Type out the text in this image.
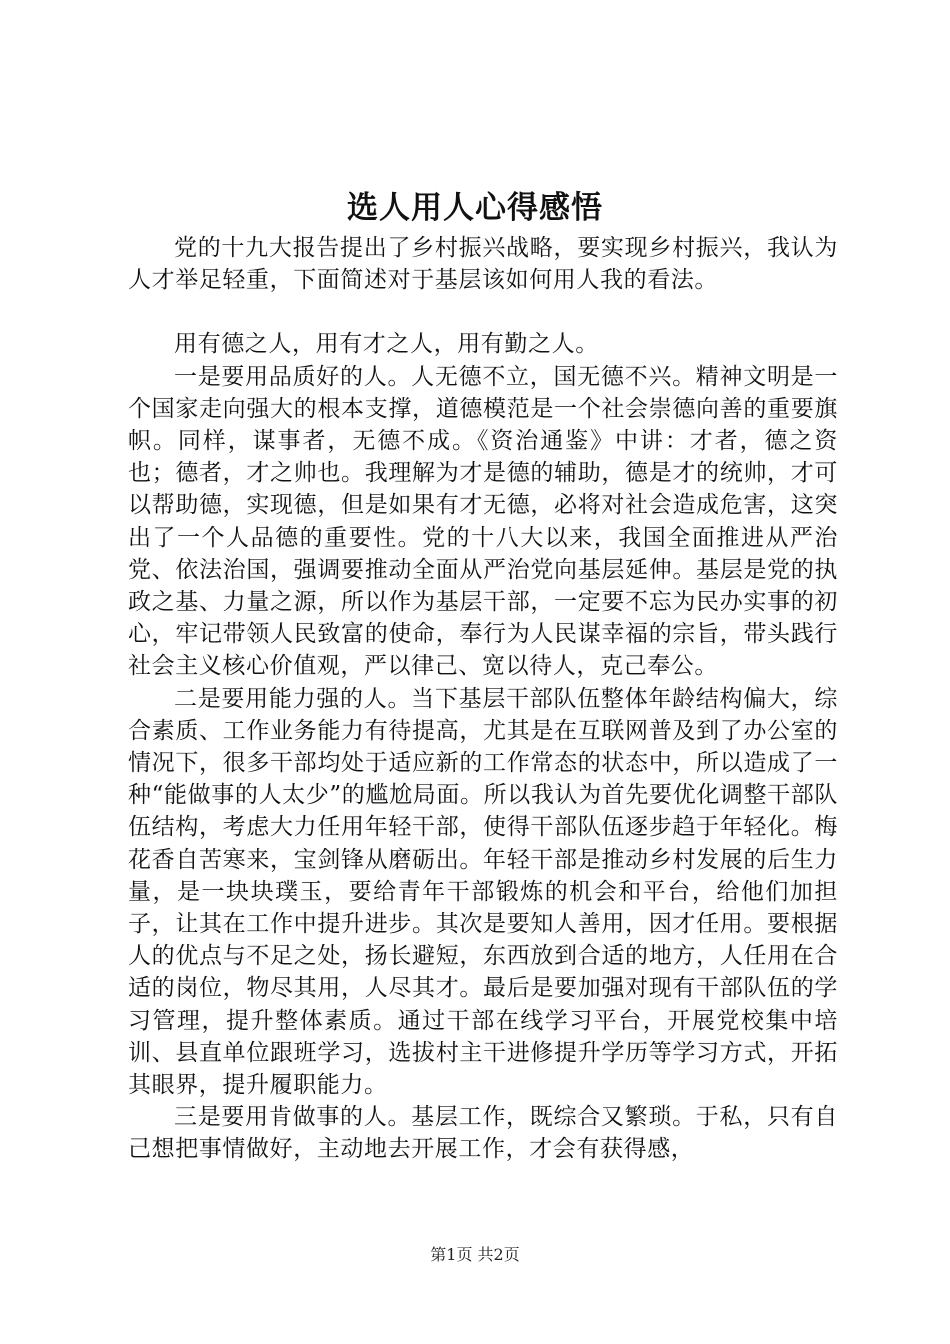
选人用人心得感悟

党的十九大报告提出了乡村振兴战略，要实现乡村振兴，我认为人才举足轻重，下面简述对于基层该如何用人我的看法。

用有德之人，用有才之人，用有勤之人。

一是要用品质好的人。人无德不立，国无德不兴。精神文明是一个国家走向强大的根本支撑，道德模范是一个社会崇德向善的重要旗帜。同样，谋事者，无德不成。《资治通鉴》中讲：才者，德之资也；德者，才之帅也。我理解为才是德的辅助，德是才的统帅，才可以帮助德，实现德，但是如果有才无德，必将对社会造成危害，这突出了一个人品德的重要性。党的十八大以来，我国全面推进从严治党、依法治国，强调要推动全面从严治党向基层延伸。基层是党的执政之基、力量之源，所以作为基层干部，一定要不忘为民办实事的初心，牢记带领人民致富的使命，奉行为人民谋幸福的宗旨，带头践行社会主义核心价值观，严以律己、宽以待人，克己奉公。

二是要用能力强的人。当下基层干部队伍整体年龄结构偏大，综合素质、工作业务能力有待提高，尤其是在互联网普及到了办公室的情况下，很多干部均处于适应新的工作常态的状态中，所以造成了一种“能做事的人太少”的尴尬局面。所以我认为首先要优化调整干部队伍结构，考虑大力任用年轻干部，使得干部队伍逐步趋于年轻化。梅花香自苦寒来，宝剑锋从磨砺出。年轻干部是推动乡村发展的后生力量，是一块块璞玉，要给青年干部锻炼的机会和平台，给他们加担子，让其在工作中提升进步。其次是要知人善用，因才任用。要根据人的优点与不足之处，扬长避短，东西放到合适的地方，人任用在合适的岗位，物尽其用，人尽其才。最后是要加强对现有干部队伍的学习管理，提升整体素质。通过干部在线学习平台，开展党校集中培训、县直单位跟班学习，选拔村主干进修提升学历等学习方式，开拓其眼界，提升履职能力。

三是要用肯做事的人。基层工作，既综合又繁琐。于私，只有自己想把事情做好，主动地去开展工作，才会有获得感，

第1页 共2页
